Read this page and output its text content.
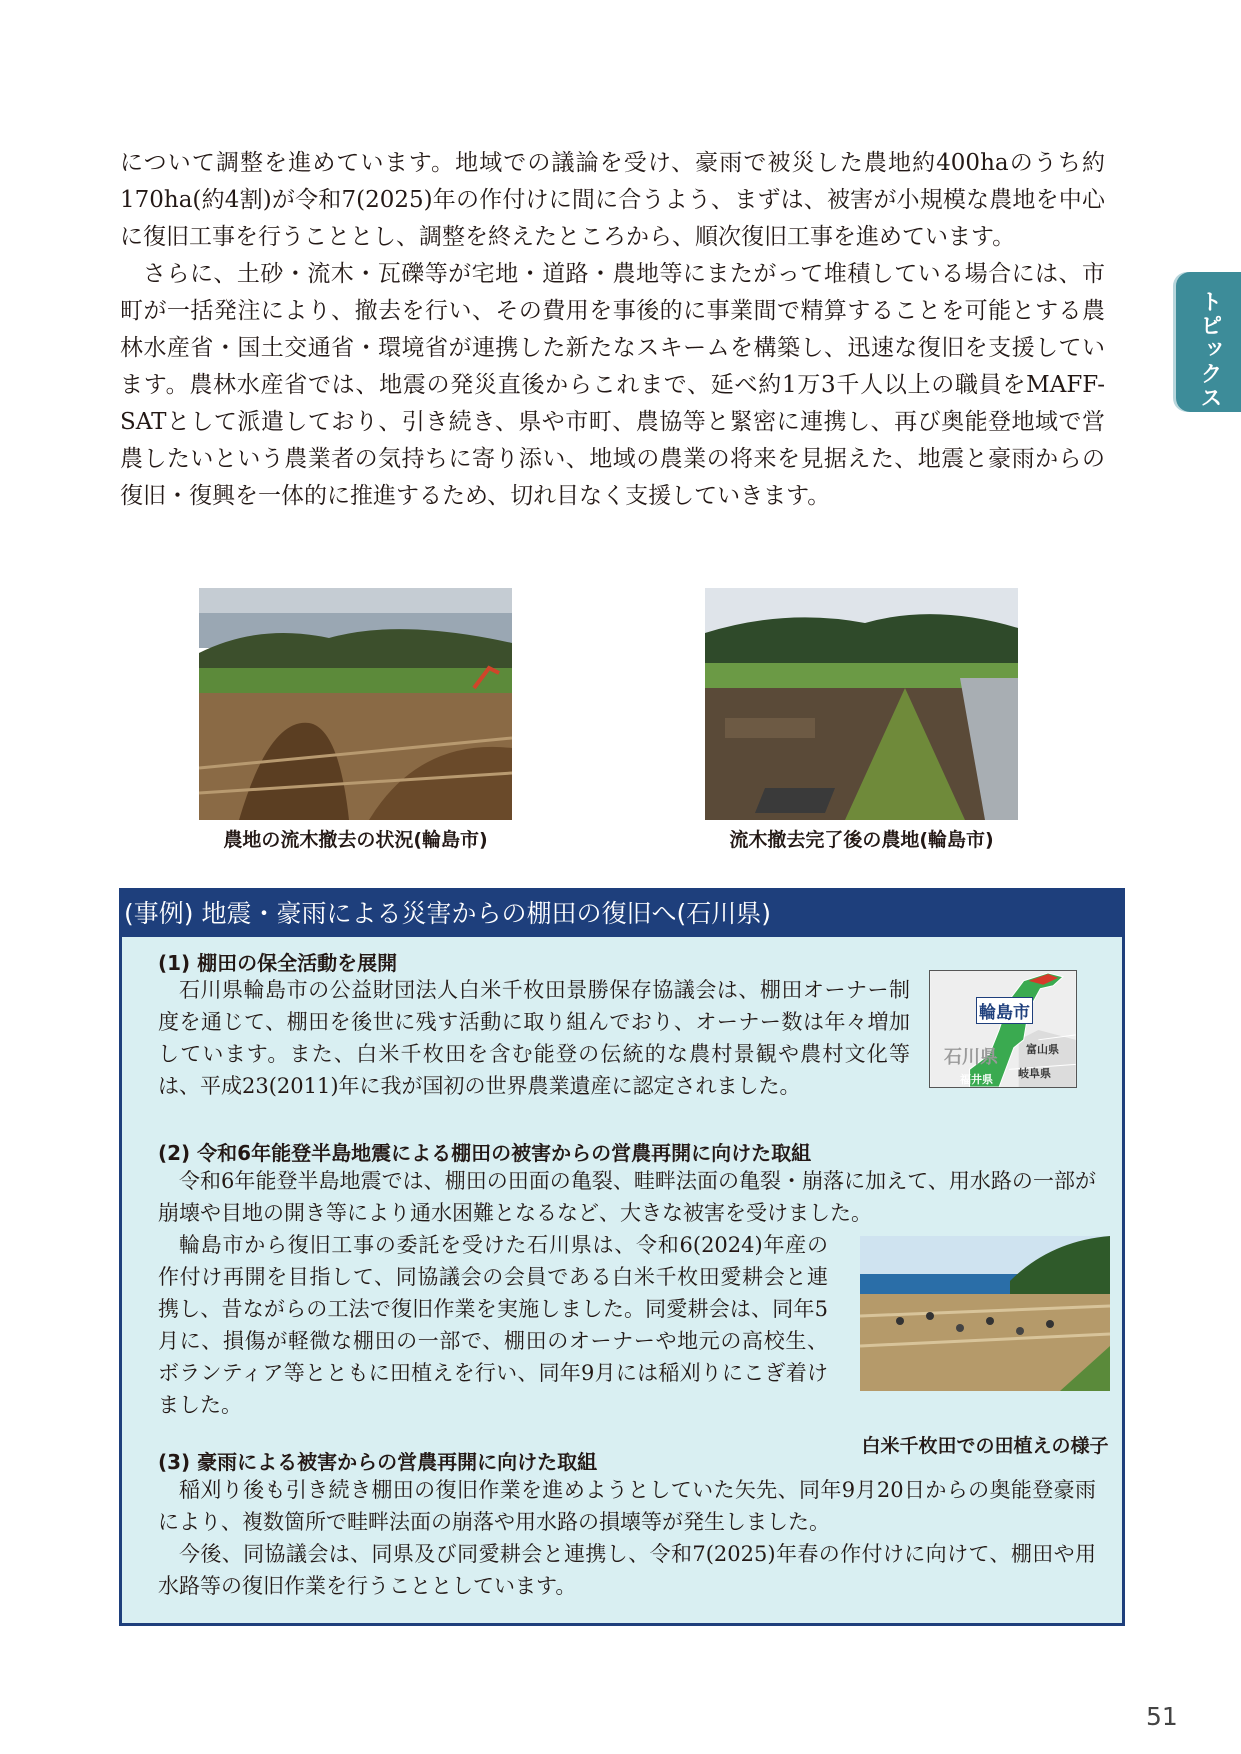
について調整を進めています。地域での議論を受け、豪雨で被災した農地約400haのうち約170ha(約4割)が令和7(2025)年の作付けに間に合うよう、まずは、被害が小規模な農地を中心に復旧工事を行うこととし、調整を終えたところから、順次復旧工事を進めています。

さらに、土砂・流木・瓦礫等が宅地・道路・農地等にまたがって堆積している場合には、市町が一括発注により、撤去を行い、その費用を事後的に事業間で精算することを可能とする農林水産省・国土交通省・環境省が連携した新たなスキームを構築し、迅速な復旧を支援しています。農林水産省では、地震の発災直後からこれまで、延べ約1万3千人以上の職員をMAFF-SATとして派遣しており、引き続き、県や市町、農協等と緊密に連携し、再び奥能登地域で営農したいという農業者の気持ちに寄り添い、地域の農業の将来を見据えた、地震と豪雨からの復旧・復興を一体的に推進するため、切れ目なく支援していきます。

トピックス
農地の流木撤去の状況(輪島市)	流木撤去完了後の農地(輪島市)
(事例) 地震・豪雨による災害からの棚田の復旧へ(石川県)
(1) 棚田の保全活動を展開

石川県輪島市の公益財団法人白米千枚田景勝保存協議会は、棚田オーナー制度を通じて、棚田を後世に残す活動に取り組んでおり、オーナー数は年々増加しています。また、白米千枚田を含む能登の伝統的な農村景観や農村文化等は、平成23(2011)年に我が国初の世界農業遺産に認定されました。

輪島市
石川県	富山県
岐阜県
福井県
(2) 令和6年能登半島地震による棚田の被害からの営農再開に向けた取組

令和6年能登半島地震では、棚田の田面の亀裂、畦畔法面の亀裂・崩落に加えて、用水路の一部が崩壊や目地の開き等により通水困難となるなど、大きな被害を受けました。

輪島市から復旧工事の委託を受けた石川県は、令和6(2024)年産の作付け再開を目指して、同協議会の会員である白米千枚田愛耕会と連携し、昔ながらの工法で復旧作業を実施しました。同愛耕会は、同年5月に、損傷が軽微な棚田の一部で、棚田のオーナーや地元の高校生、ボランティア等とともに田植えを行い、同年9月には稲刈りにこぎ着けました。

白米千枚田での田植えの様子
(3) 豪雨による被害からの営農再開に向けた取組

稲刈り後も引き続き棚田の復旧作業を進めようとしていた矢先、同年9月20日からの奥能登豪雨により、複数箇所で畦畔法面の崩落や用水路の損壊等が発生しました。

今後、同協議会は、同県及び同愛耕会と連携し、令和7(2025)年春の作付けに向けて、棚田や用水路等の復旧作業を行うこととしています。

51
